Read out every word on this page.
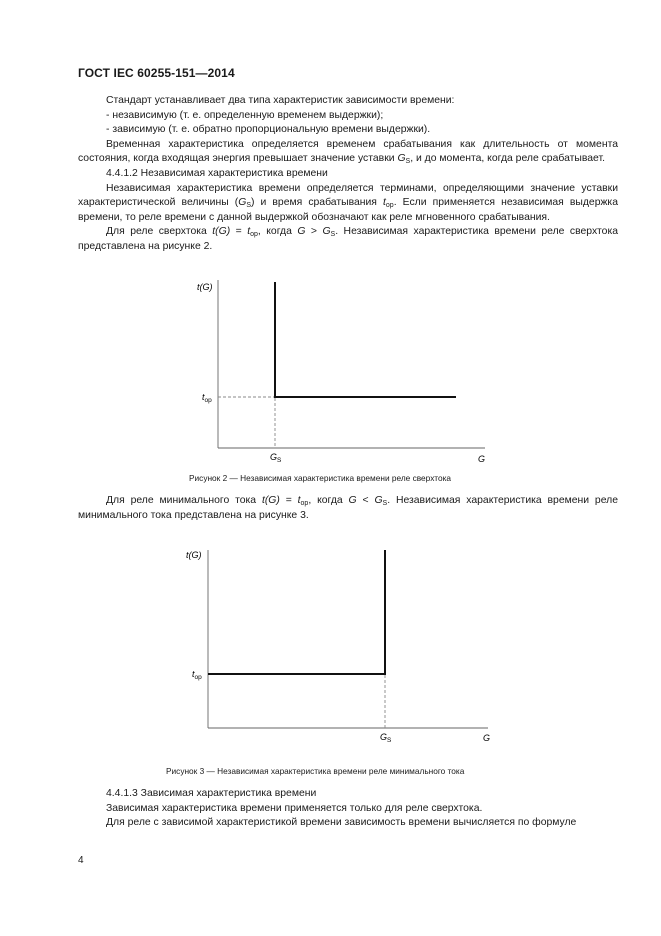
ГОСТ IEC 60255-151—2014

Стандарт устанавливает два типа характеристик зависимости времени:

- независимую (т. е. определенную временем выдержки);

- зависимую (т. е. обратно пропорциональную времени выдержки).

Временная характеристика определяется временем срабатывания как длительность от момента состояния, когда входящая энергия превышает значение уставки $G_S$, и до момента, когда реле срабатывает.

4.4.1.2 Независимая характеристика времени

Независимая характеристика времени определяется терминами, определяющими значение уставки характеристической величины $(G_S)$ и время срабатывания $t_{op}$. Если применяется независимая выдержка времени, то реле времени с данной выдержкой обозначают как реле мгновенного срабатывания.

Для реле сверхтока $t(G) = t_{op}$, когда $G > G_S$. Независимая характеристика времени реле сверхтока представлена на рисунке 2.

t(G)
G
$t_{op}$
$G_S$
Рисунок 2 — Независимая характеристика времени реле сверхтока

Для реле минимального тока $t(G) = t_{op}$, когда $G < G_S$. Независимая характеристика времени реле минимального тока представлена на рисунке 3.

t(G)
G
$t_{op}$
$G_S$
Рисунок 3 — Независимая характеристика времени реле минимального тока

4.4.1.3 Зависимая характеристика времени

Зависимая характеристика времени применяется только для реле сверхтока.

Для реле с зависимой характеристикой времени зависимость времени вычисляется по формуле

4
